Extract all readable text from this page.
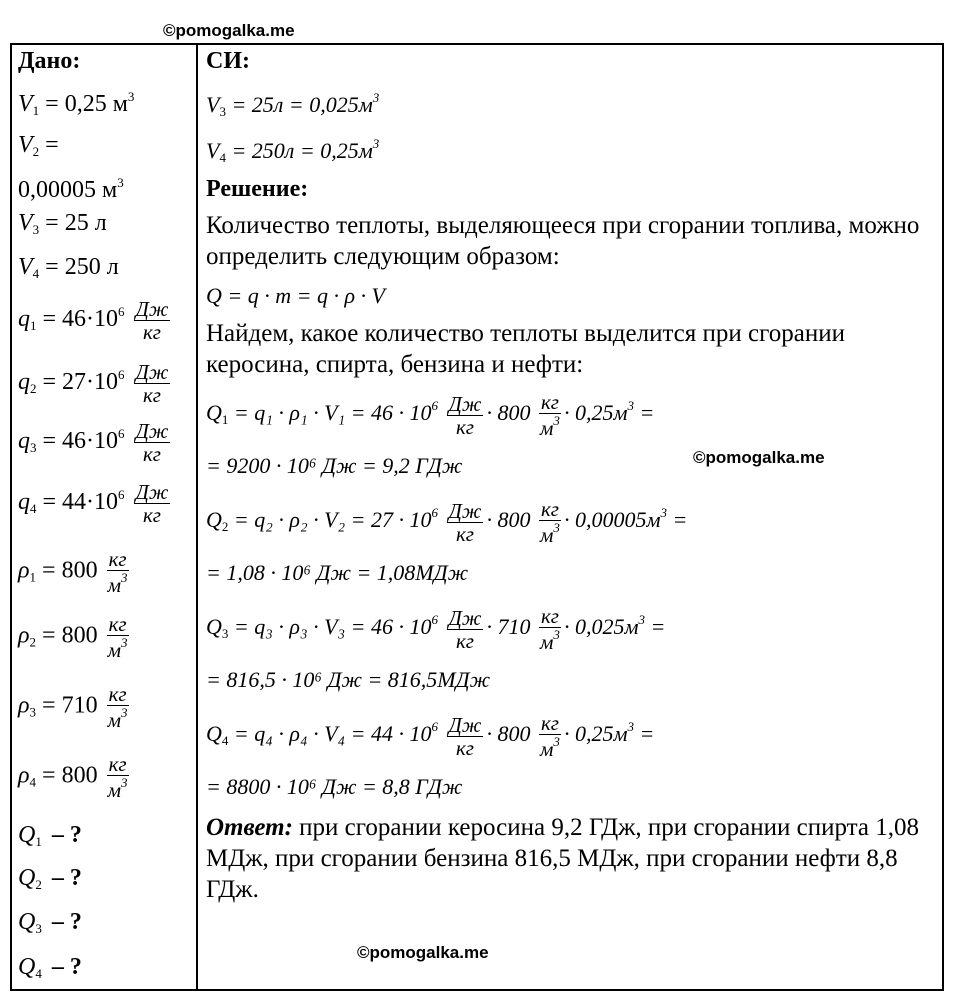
©pomogalka.me
©pomogalka.me
©pomogalka.me
Дано:
$V_1 = 0,25$ $м^3$
$V_2$ =
0,00005 $м^3$
$V_3 = 25$ л
$V_4 = 250$ л
$q_1 = 46\cdot 10^6 \frac{Дж}{кг}$
$q_2 = 27\cdot 10^6 \frac{Дж}{кг}$
$q_3 = 46\cdot 10^6 \frac{Дж}{кг}$
$q_4 = 44\cdot 10^6 \frac{Дж}{кг}$
$\rho_1 = 800 \frac{кг}{м^3}$
$\rho_2 = 800 \frac{кг}{м^3}$
$\rho_3 = 710 \frac{кг}{м^3}$
$\rho_4 = 800 \frac{кг}{м^3}$
$Q_1$ – ?
$Q_2$ – ?
$Q_3$ – ?
$Q_4$ – ?
СИ:
$V_3 = 25л = 0,025м^3$
$V_4 = 250л = 0,25м^3$
Решение:
Количество теплоты, выделяющееся при сгорании топлива, можно определить следующим образом:
Q = q · m = q · ρ · V
Найдем, какое количество теплоты выделится при сгорании керосина, спирта, бензина и нефти:
$Q_1 = q_1 \cdot \rho_1 \cdot V_1 = 46 \cdot 10^6 \frac{Дж}{кг} \cdot 800 \frac{кг}{м^3} \cdot 0,25м^3$ =
= 9200 · 10⁶ Дж = 9,2 ГДж
$Q_2 = q_2 \cdot \rho_2 \cdot V_2 = 27 \cdot 10^6 \frac{Дж}{кг} \cdot 800 \frac{кг}{м^3} \cdot 0,00005м^3$ =
= 1,08 · 10⁶ Дж = 1,08МДж
$Q_3 = q_3 \cdot \rho_3 \cdot V_3 = 46 \cdot 10^6 \frac{Дж}{кг} \cdot 710 \frac{кг}{м^3} \cdot 0,025м^3$ =
= 816,5 · 10⁶ Дж = 816,5МДж
$Q_4 = q_4 \cdot \rho_4 \cdot V_4 = 44 \cdot 10^6 \frac{Дж}{кг} \cdot 800 \frac{кг}{м^3} \cdot 0,25м^3$ =
= 8800 · 10⁶ Дж = 8,8 ГДж
Ответ: при сгорании керосина 9,2 ГДж, при сгорании спирта 1,08 МДж, при сгорании бензина 816,5 МДж, при сгорании нефти 8,8 ГДж.
